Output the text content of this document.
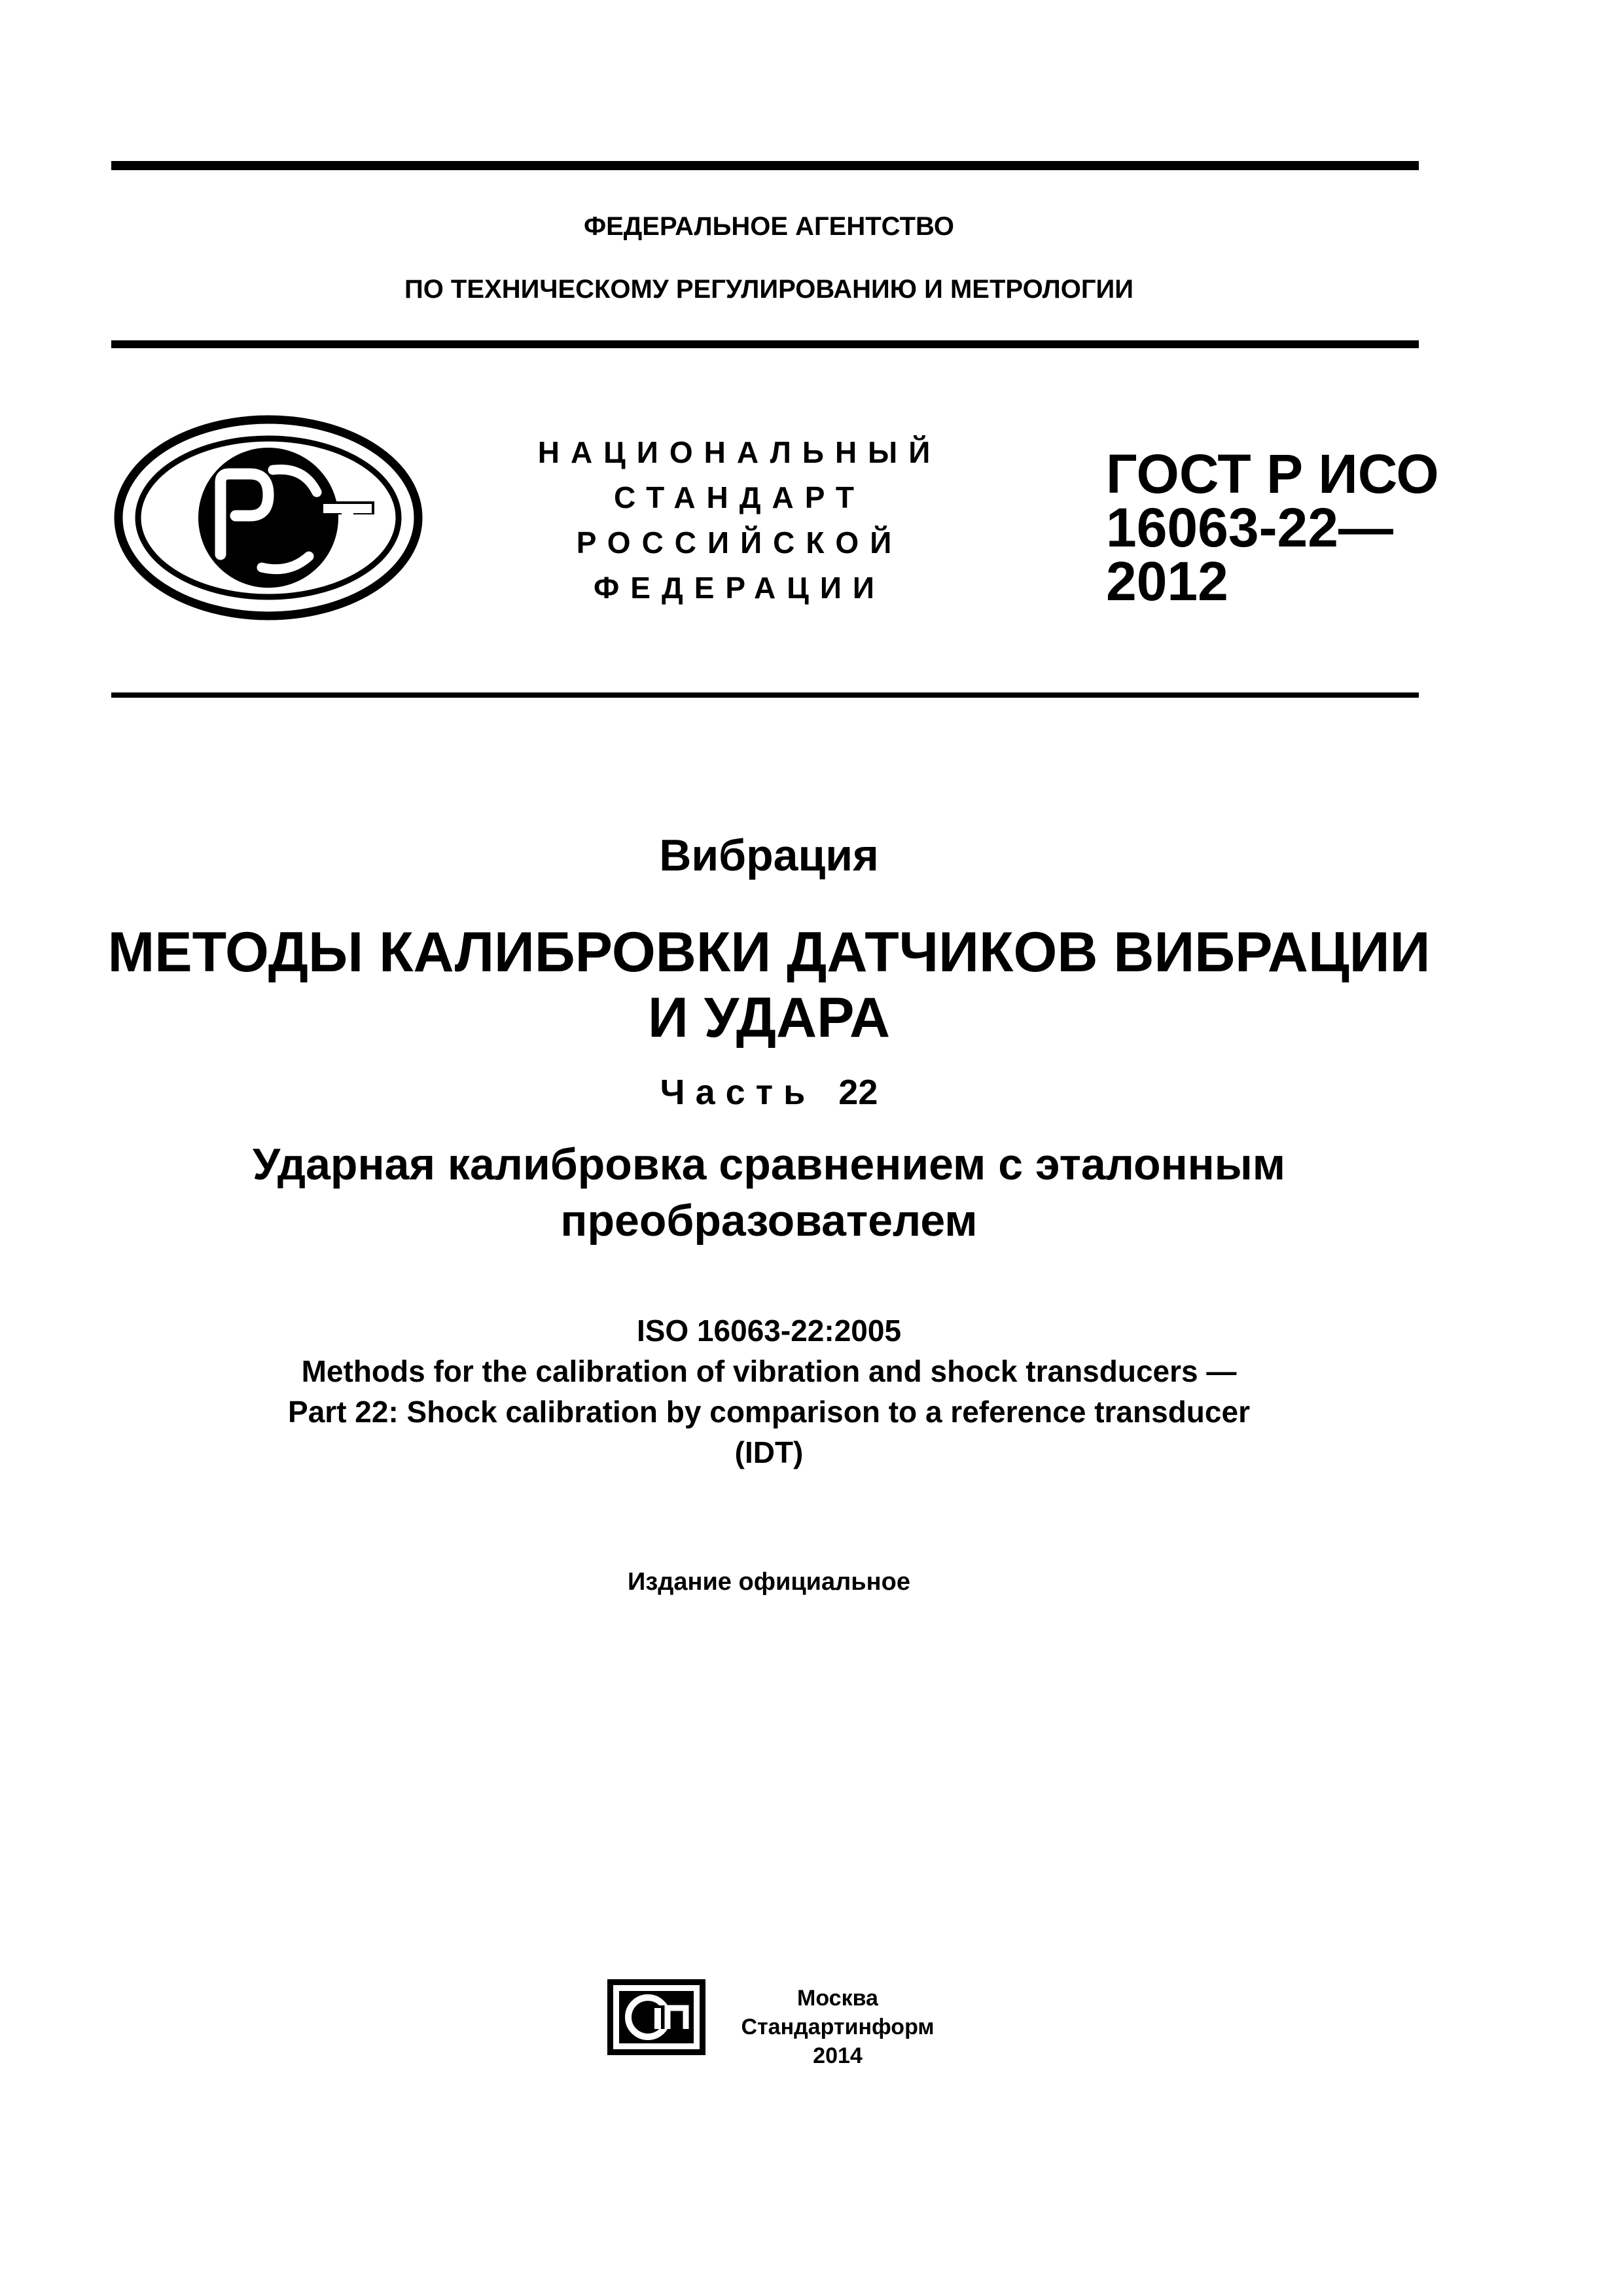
ФЕДЕРАЛЬНОЕ АГЕНТСТВО
ПО ТЕХНИЧЕСКОМУ РЕГУЛИРОВАНИЮ И МЕТРОЛОГИИ
НАЦИОНАЛЬНЫЙ
СТАНДАРТ
РОССИЙСКОЙ
ФЕДЕРАЦИИ
ГОСТ Р ИСО
16063-22—
2012
Вибрация
МЕТОДЫ КАЛИБРОВКИ ДАТЧИКОВ ВИБРАЦИИ
И УДАРА
Часть 22
Ударная калибровка сравнением с эталонным
преобразователем
ISO 16063-22:2005
Methods for the calibration of vibration and shock transducers —
Part 22: Shock calibration by comparison to a reference transducer
(IDT)
Издание официальное
Москва
Стандартинформ
2014
